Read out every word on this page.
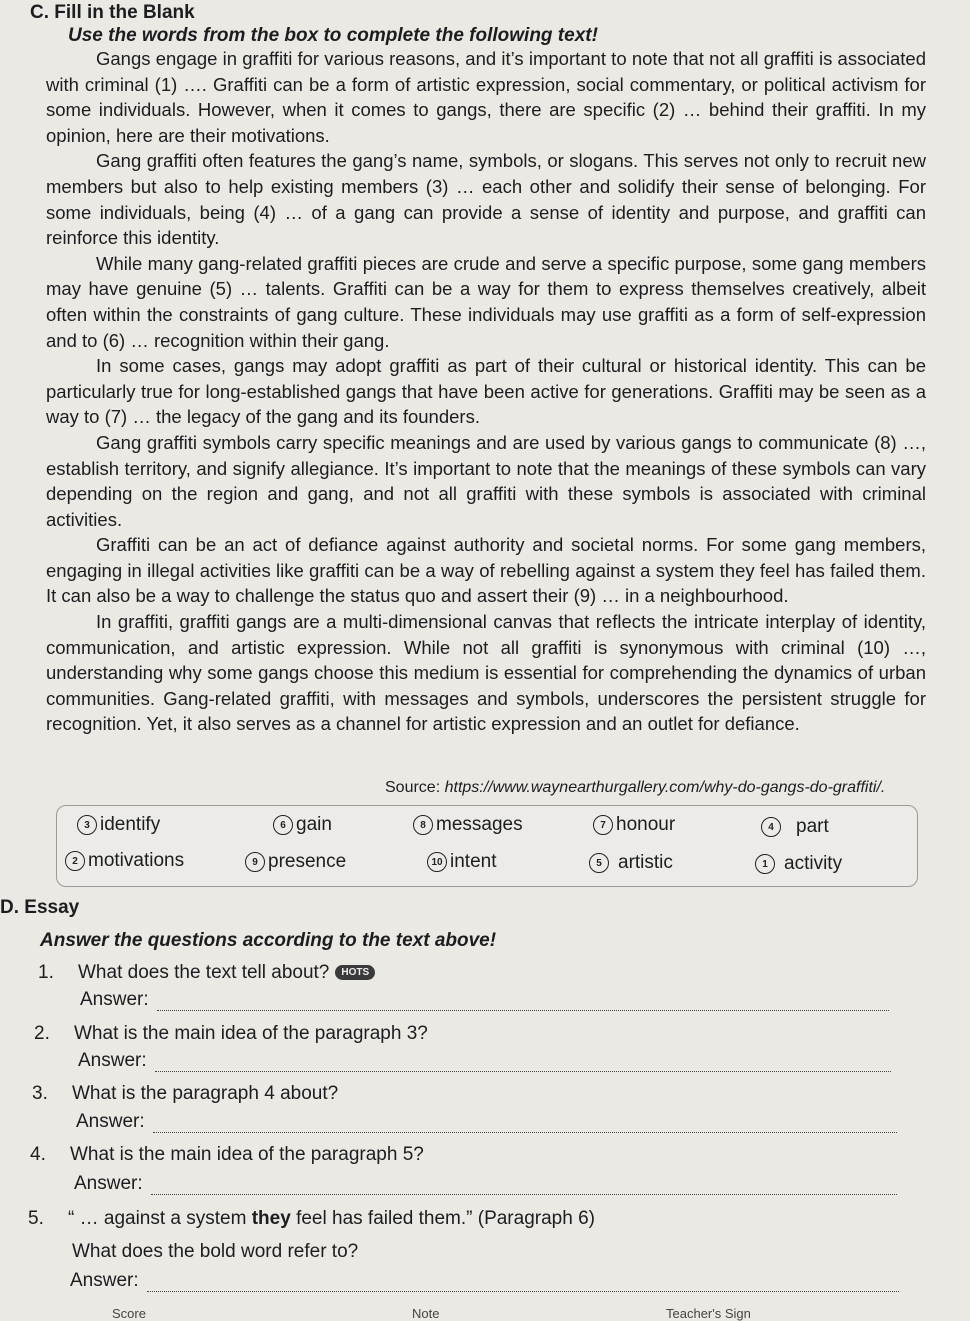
C. Fill in the Blank
Use the words from the box to complete the following text!

Gangs engage in graffiti for various reasons, and it’s important to note that not all graffiti is associated with criminal (1) …. Graffiti can be a form of artistic expression, social commentary, or political activism for some individuals. However, when it comes to gangs, there are specific (2) … behind their graffiti. In my opinion, here are their motivations.

Gang graffiti often features the gang’s name, symbols, or slogans. This serves not only to recruit new members but also to help existing members (3) … each other and solidify their sense of belonging. For some individuals, being (4) … of a gang can provide a sense of identity and purpose, and graffiti can reinforce this identity.

While many gang-related graffiti pieces are crude and serve a specific purpose, some gang members may have genuine (5) … talents. Graffiti can be a way for them to express themselves creatively, albeit often within the constraints of gang culture. These individuals may use graffiti as a form of self-expression and to (6) … recognition within their gang.

In some cases, gangs may adopt graffiti as part of their cultural or historical identity. This can be particularly true for long-established gangs that have been active for generations. Graffiti may be seen as a way to (7) … the legacy of the gang and its founders.

Gang graffiti symbols carry specific meanings and are used by various gangs to communicate (8) …, establish territory, and signify allegiance. It’s important to note that the meanings of these symbols can vary depending on the region and gang, and not all graffiti with these symbols is associated with criminal activities.

Graffiti can be an act of defiance against authority and societal norms. For some gang members, engaging in illegal activities like graffiti can be a way of rebelling against a system they feel has failed them. It can also be a way to challenge the status quo and assert their (9) … in a neighbourhood.

In graffiti, graffiti gangs are a multi-dimensional canvas that reflects the intricate interplay of identity, communication, and artistic expression. While not all graffiti is synonymous with criminal (10) …, understanding why some gangs choose this medium is essential for comprehending the dynamics of urban communities. Gang-related graffiti, with messages and symbols, underscores the persistent struggle for recognition. Yet, it also serves as a channel for artistic expression and an outlet for defiance.

Source: https://www.waynearthurgallery.com/why-do-gangs-do-graffiti/.
3 identify	6 gain	8 messages	7 honour	4	part
2 motivations	9 presence	10 intent	5 artistic	1 activity
D. Essay
Answer the questions according to the text above!
1. What does the text tell about? HOTS
Answer:
2. What is the main idea of the paragraph 3?
Answer:
3. What is the paragraph 4 about?
Answer:
4. What is the main idea of the paragraph 5?
Answer:
5. “ … against a system they feel has failed them.” (Paragraph 6)
What does the bold word refer to?
Answer:
Score	Note	Teacher's Sign
